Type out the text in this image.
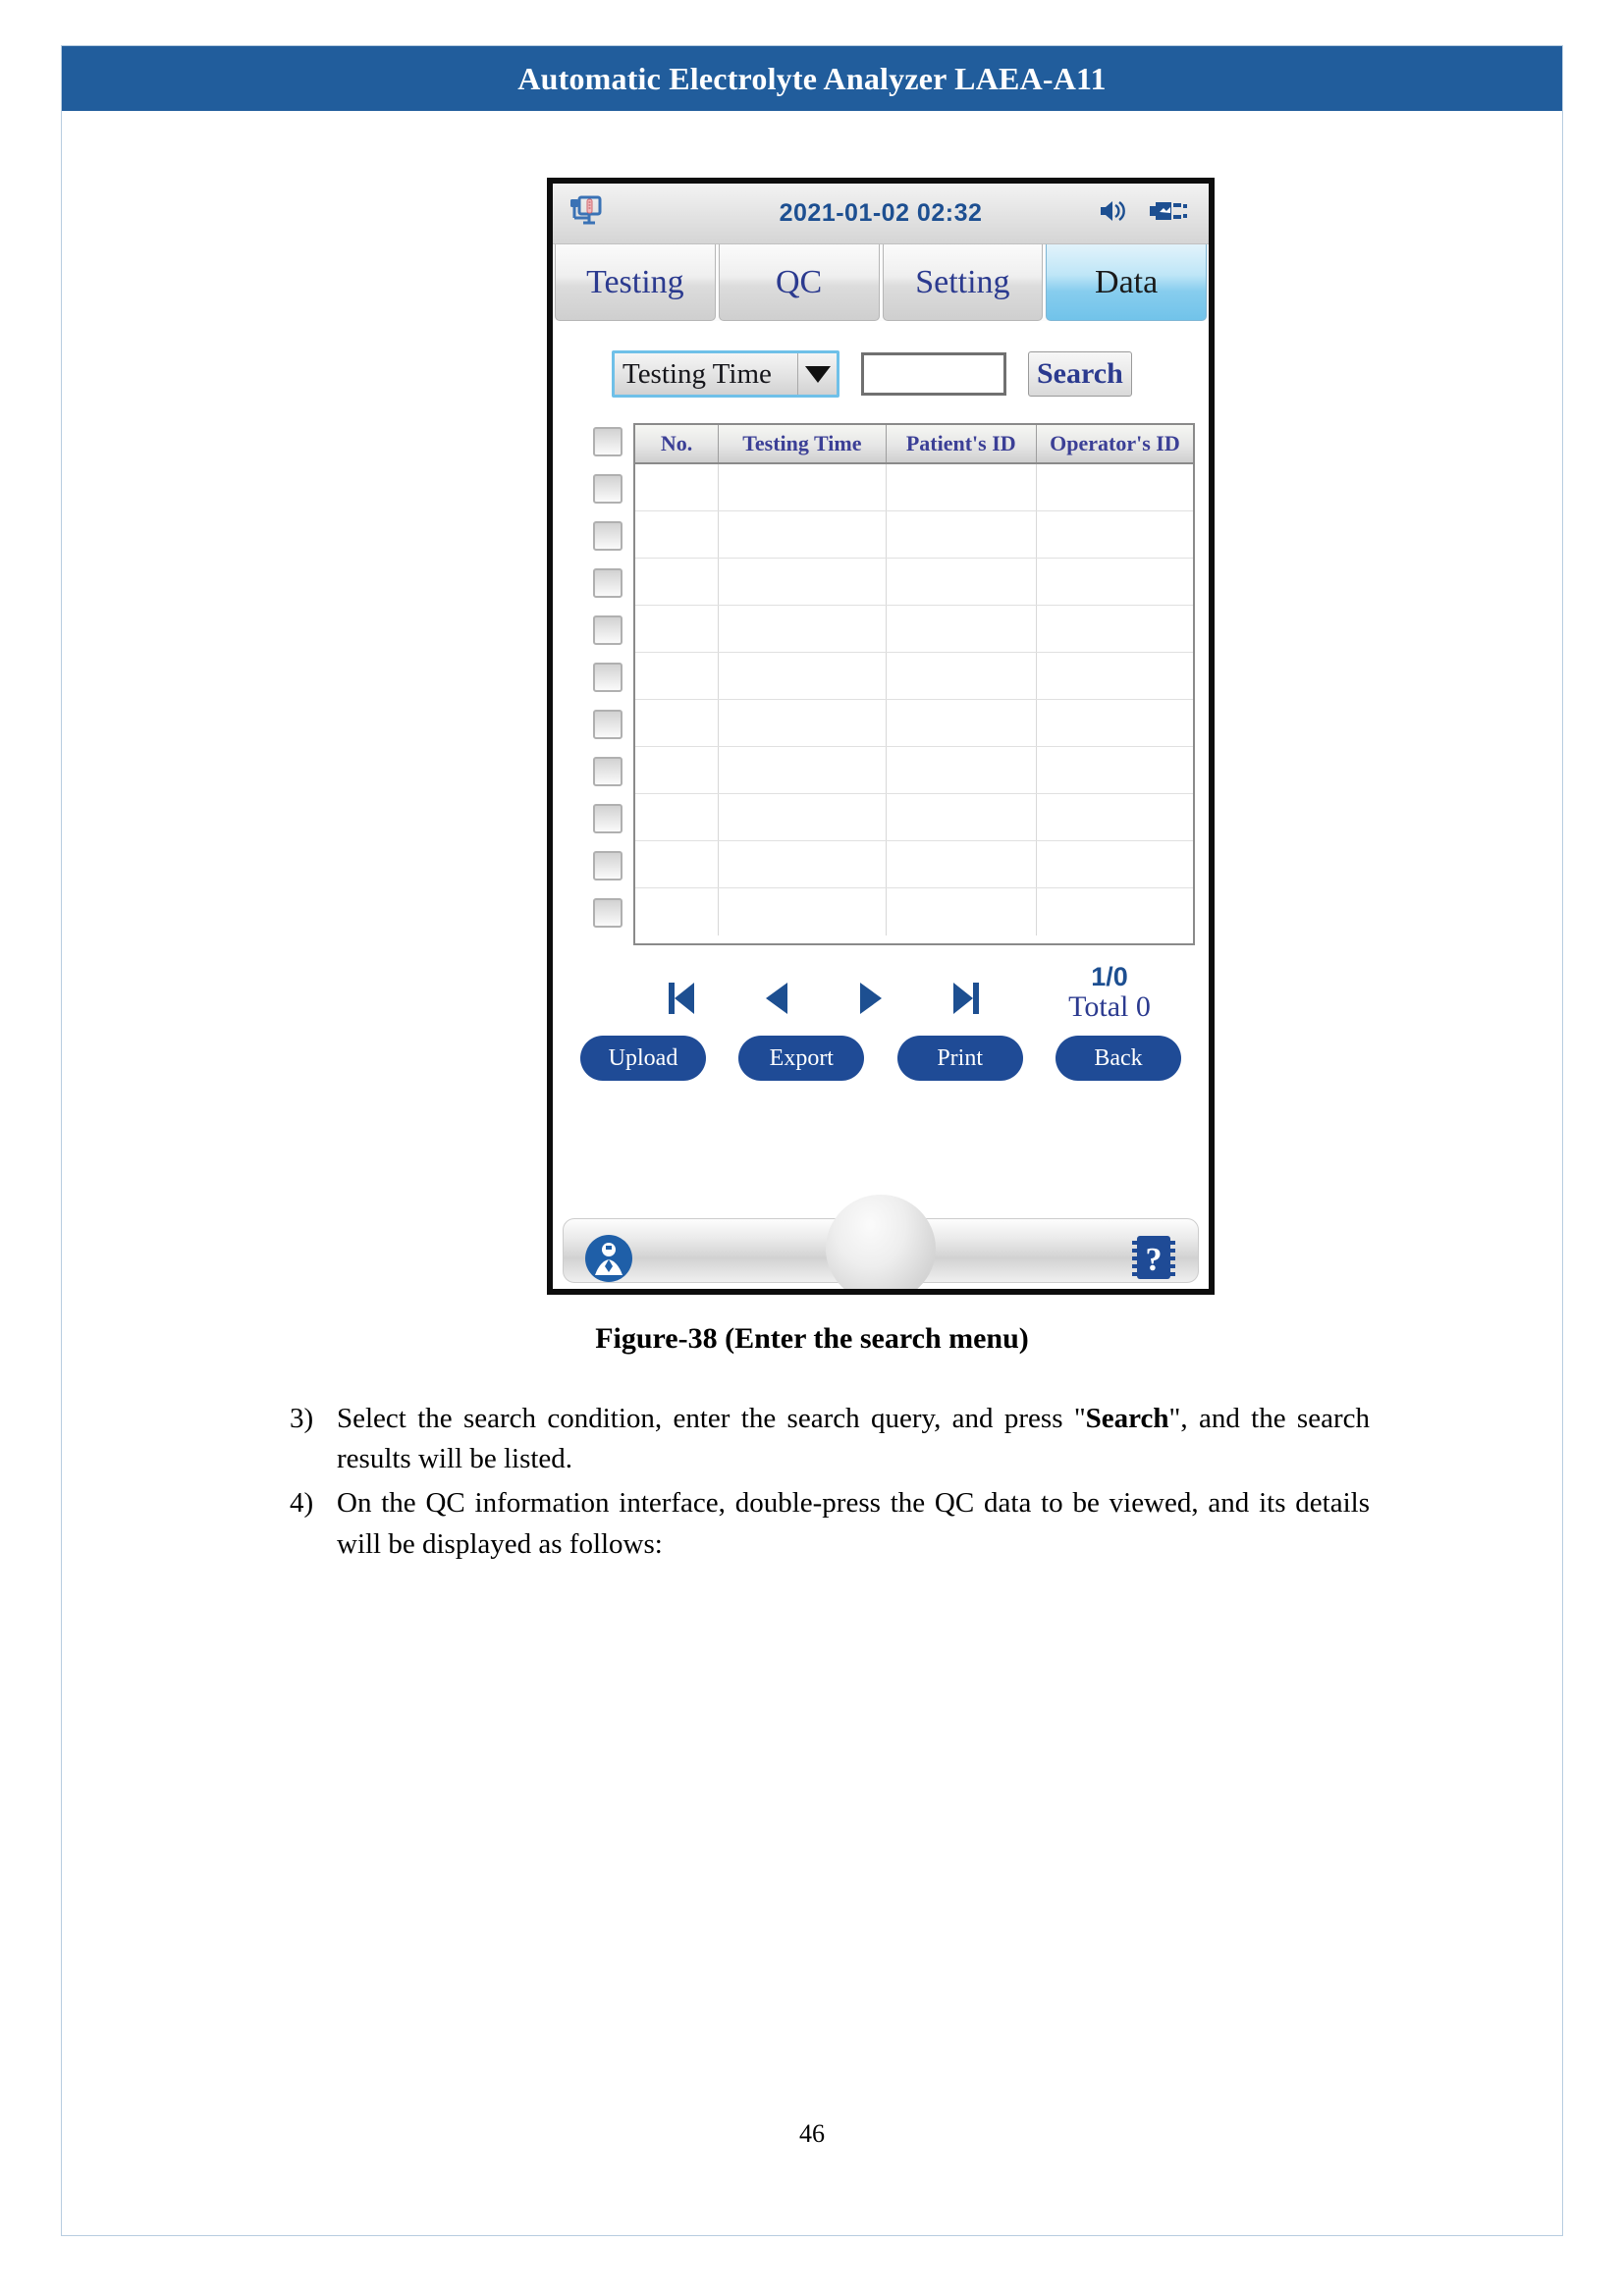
Automatic Electrolyte Analyzer LAEA-A11
2021-01-02 02:32
Testing	QC	Setting	Data
Testing Time	Search
No.	Testing Time	Patient's ID	Operator's ID
1/0
Total 0
Upload	Export	Print	Back
?
Figure-38 (Enter the search menu)
3) Select the search condition, enter the search query, and press "Search", and the search results will be listed.
4) On the QC information interface, double-press the QC data to be viewed, and its details will be displayed as follows:
46
